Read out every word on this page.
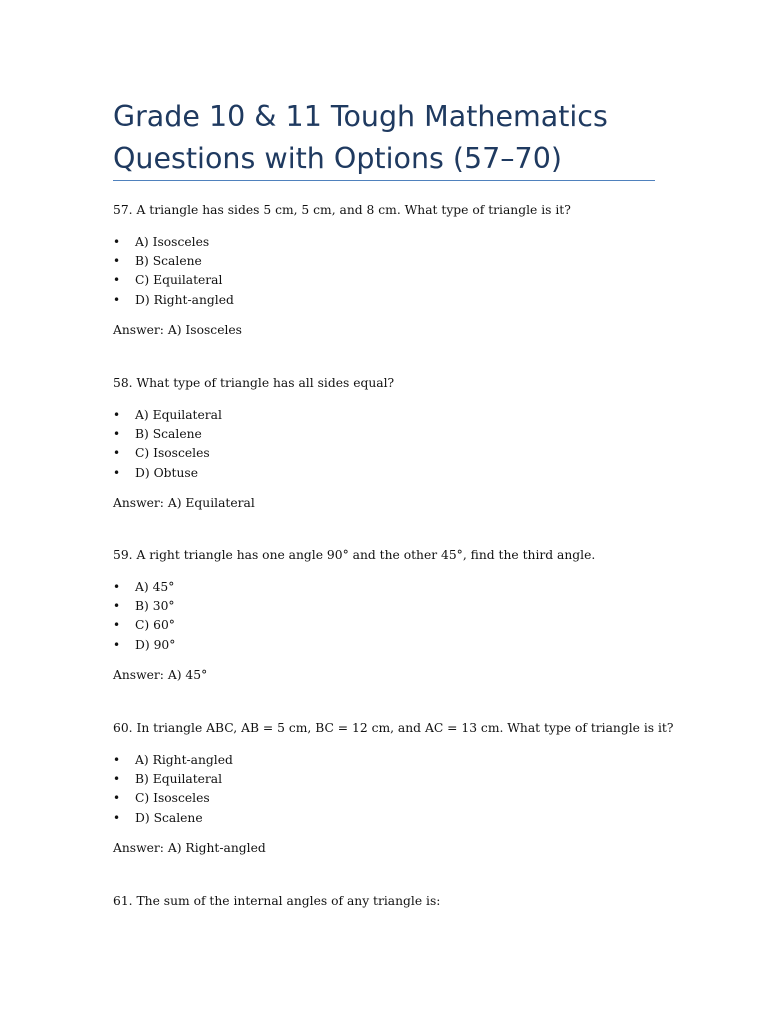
Grade 10 & 11 Tough Mathematics Questions with Options (57–70)

57. A triangle has sides 5 cm, 5 cm, and 8 cm. What type of triangle is it?

• A) Isosceles
• B) Scalene
• C) Equilateral
• D) Right-angled

Answer: A) Isosceles

58. What type of triangle has all sides equal?

• A) Equilateral
• B) Scalene
• C) Isosceles
• D) Obtuse

Answer: A) Equilateral

59. A right triangle has one angle 90° and the other 45°, find the third angle.

• A) 45°
• B) 30°
• C) 60°
• D) 90°

Answer: A) 45°

60. In triangle ABC, AB = 5 cm, BC = 12 cm, and AC = 13 cm. What type of triangle is it?

• A) Right-angled
• B) Equilateral
• C) Isosceles
• D) Scalene

Answer: A) Right-angled

61. The sum of the internal angles of any triangle is:
